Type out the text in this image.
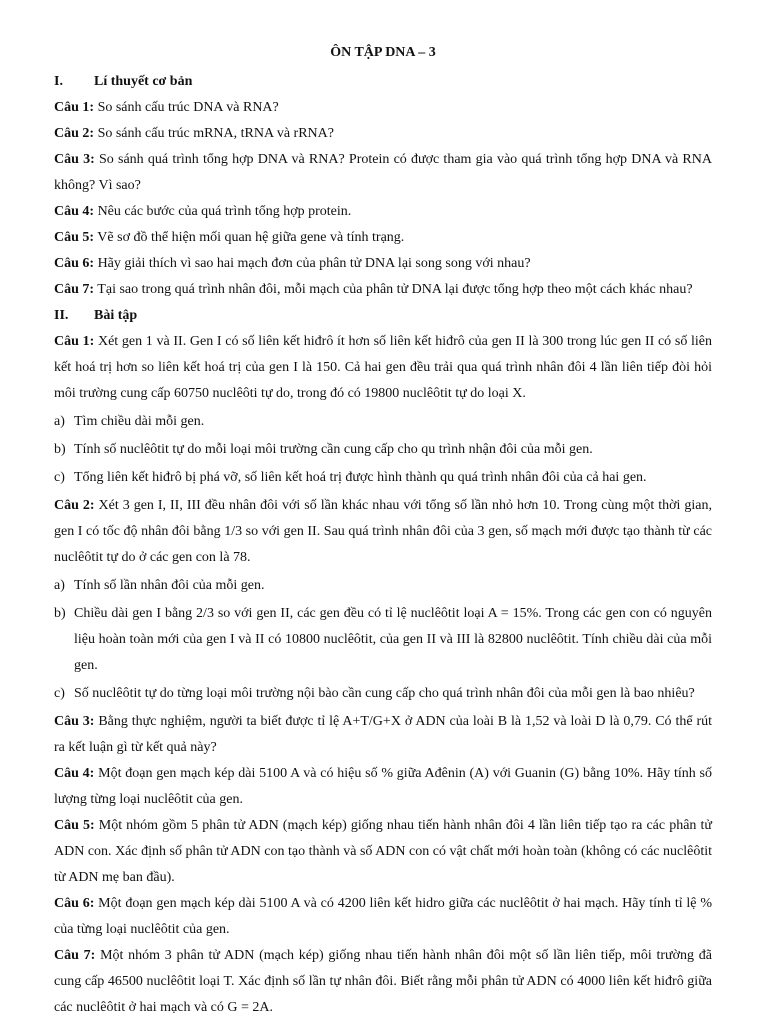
ÔN TẬP DNA – 3
I.	Lí thuyết cơ bản

Câu 1: So sánh cấu trúc DNA và RNA?

Câu 2: So sánh cấu trúc mRNA, tRNA và rRNA?

Câu 3: So sánh quá trình tổng hợp DNA và RNA? Protein có được tham gia vào quá trình tổng hợp DNA và RNA không? Vì sao?

Câu 4: Nêu các bước của quá trình tổng hợp protein.

Câu 5: Vẽ sơ đồ thể hiện mối quan hệ giữa gene và tính trạng.

Câu 6: Hãy giải thích vì sao hai mạch đơn của phân tử DNA lại song song với nhau?

Câu 7: Tại sao trong quá trình nhân đôi, mỗi mạch của phân tử DNA lại được tổng hợp theo một cách khác nhau?

II.	Bài tập

Câu 1: Xét gen 1 và II. Gen I có số liên kết hiđrô ít hơn số liên kết hiđrô của gen II là 300 trong lúc gen II có số liên kết hoá trị hơn so liên kết hoá trị của gen I là 150. Cả hai gen đều trải qua quá trình nhân đôi 4 lần liên tiếp đòi hỏi môi trường cung cấp 60750 nuclêôti tự do, trong đó có 19800 nuclêôtit tự do loại X.

a) Tìm chiều dài mỗi gen.
b) Tính số nuclêôtit tự do mỗi loại môi trường cần cung cấp cho qu trình nhận đôi của mỗi gen.
c) Tổng liên kết hiđrô bị phá vỡ, số liên kết hoá trị được hình thành qu quá trình nhân đôi của cả hai gen.

Câu 2: Xét 3 gen I, II, III đều nhân đôi với số lần khác nhau với tổng số lần nhỏ hơn 10. Trong cùng một thời gian, gen I có tốc độ nhân đôi bằng 1/3 so với gen II. Sau quá trình nhân đôi của 3 gen, số mạch mới được tạo thành từ các nuclêôtit tự do ở các gen con là 78.

a) Tính số lần nhân đôi của mỗi gen.
b) Chiều dài gen I bằng 2/3 so với gen II, các gen đều có tỉ lệ nuclêôtit loại A = 15%. Trong các gen con có nguyên liệu hoàn toàn mới của gen I và II có 10800 nuclêôtit, của gen II và III là 82800 nuclêôtit. Tính chiều dài của mỗi gen.
c) Số nuclêôtit tự do từng loại môi trường nội bào cần cung cấp cho quá trình nhân đôi của mỗi gen là bao nhiêu?

Câu 3: Bằng thực nghiệm, người ta biết được tỉ lệ A+T/G+X ở ADN của loài B là 1,52 và loài D là 0,79. Có thể rút ra kết luận gì từ kết quả này?

Câu 4: Một đoạn gen mạch kép dài 5100 A và có hiệu số % giữa Ađênin (A) với Guanin (G) bằng 10%. Hãy tính số lượng từng loại nuclêôtit của gen.

Câu 5: Một nhóm gồm 5 phân tử ADN (mạch kép) giống nhau tiến hành nhân đôi 4 lần liên tiếp tạo ra các phân tử ADN con. Xác định số phân tử ADN con tạo thành và số ADN con có vật chất mới hoàn toàn (không có các nuclêôtit từ ADN mẹ ban đầu).

Câu 6: Một đoạn gen mạch kép dài 5100 A và có 4200 liên kết hidro giữa các nuclêôtit ở hai mạch. Hãy tính tỉ lệ % của từng loại nuclêôtit của gen.

Câu 7: Một nhóm 3 phân tử ADN (mạch kép) giống nhau tiến hành nhân đôi một số lần liên tiếp, môi trường đã cung cấp 46500 nuclêôtit loại T. Xác định số lần tự nhân đôi. Biết rằng mỗi phân tử ADN có 4000 liên kết hiđrô giữa các nuclêôtit ở hai mạch và có G = 2A.
